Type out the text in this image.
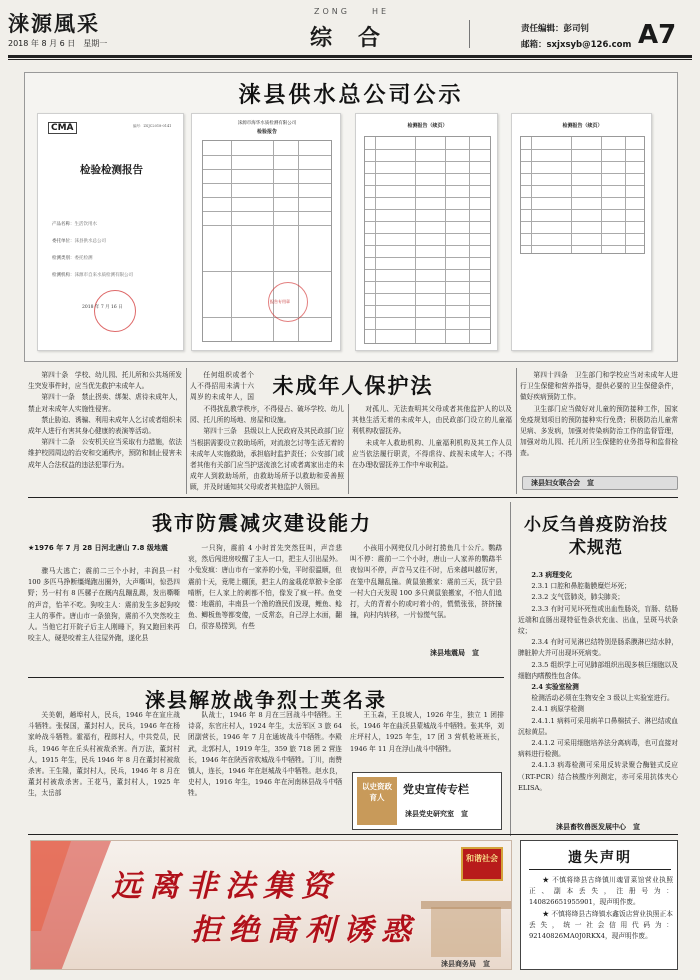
涞源風采
2018 年 8 月 6 日　星期一
ZONG　　HE
综合	责任编辑：彭司钊
邮箱：sxjxsyb@126.com A7
涞县供水总公司公示
CMA	编号：ZSJC2018-0141
检验检测报告
产品名称：生活饮用水
委托单位：涞县供水总公司
检测类别：委托检测
检测机构：涞源市自来水质检测有限公司
2018 年 7 月 16 日
涞源市海华水质检测有限公司
检验报告
报告专用章
检测报告（续页）	检测报告（续页）

第四十条　学校、幼儿园、托儿所和公共场所发生突发事件时，应当优先救护未成年人。

第四十一条　禁止拐卖、绑架、虐待未成年人，禁止对未成年人实施性侵害。

禁止胁迫、诱骗、利用未成年人乞讨或者组织未成年人进行有害其身心健康的表演等活动。

第四十二条　公安机关应当采取有力措施，依法维护校园周边的治安和交通秩序，预防和制止侵害未成年人合法权益的违法犯罪行为。

未成年人保护法

任何组织或者个人不得招用未满十六周岁的未成年人，国

不得扰乱教学秩序，不得侵占、破坏学校、幼儿园、托儿所的场地、房屋和设施。

第四十三条　县级以上人民政府及其民政部门应当根据需要设立救助场所，对流浪乞讨等生活无着的未成年人实施救助，承担临时监护责任；公安部门或者其他有关部门应当护送流浪乞讨或者离家出走的未成年人到救助场所，由救助场所予以救助和妥善照顾，并及时通知其父母或者其他监护人领回。

对孤儿、无法查明其父母或者其他监护人的以及其他生活无着的未成年人，由民政部门设立的儿童福利机构收留抚养。

未成年人救助机构、儿童福利机构及其工作人员应当依法履行职责，不得虐待、歧视未成年人；不得在办理收留抚养工作中牟取利益。

第四十四条　卫生部门和学校应当对未成年人进行卫生保健和营养指导，提供必要的卫生保健条件，做好疾病预防工作。

卫生部门应当做好对儿童的预防接种工作，国家免疫规划项目的预防接种实行免费；积极防治儿童常见病、多发病，加强对传染病防治工作的监督管理，加强对幼儿园、托儿所卫生保健的业务指导和监督检查。

涞县妇女联合会　宣
我市防震减灾建设能力
★1976 年 7 月 28 日河北唐山 7.8 级地震

骤马大逃亡；震前二三个小时，丰润县一村 100 多匹马挣断缰绳跑出圈外，大声嘶叫，惊恐四野；另一村有 8 匹骡子在厩内乱蹦乱踢，发出嘶嘶的声音，怡羊不吃。狗咬主人：震前发生多起狗咬主人的事件。唐山市一条狼狗，震前不久突然咬主人。当他它打开院子后主人刚睡下，狗又跑回来再咬主人，硬是咬着主人往屋外跑，遂化县

一只狗，震前 4 小时首先突然狂叫，声音悲哀，然后闯进房咬醒了主人一口，把主人引出屋外。小兔发疯：唐山市有一家养的小兔，平时很温顺，但震前十天，竟爬上棚顶，把主人的盆栽花草掀卡全部啃断，仨人家上的刺都不怕，像发了疯一样。鱼变傻：地震前，丰南县一个渔的渔民们发现，鲤鱼、鲶鱼、鲫板鱼等都变傻，一反常态，自己浮上水面，翻白，很容易捞到，有些

小孩用小网兜仅几小时打捞鱼几十公斤。鹦鹉叫不停：震前一二个小时，唐山一人家养的鹦鹉半夜惊叫不停，声音马又往不时，后来越叫越厉害，在笼中乱蹦乱撞。黄鼠狼搬家：震前三天，抚宁县一村大白天发现 100 多只黄鼠狼搬家，不怕人们追打，大的背着小的或叼着小的，慌慌张张，挤挤撞撞，向村内转移，一片惊慌气氛。

涞县地震局　宣
小反刍兽疫防治技术规范
2.3 病理变化
2.3.1 口腔和鼻腔黏膜糜烂坏死；
2.3.2 支气管肺炎，肺尖肺炎；
2.3.3 有时可见坏死性或出血性肠炎，盲肠、结肠近端和直肠出现特征性条状充血、出血，呈斑马状条纹；
2.3.4 有时可见淋巴结特别是肠系膜淋巴结水肿，脾脏肿大并可出现坏死病变。
2.3.5 组织学上可见肺部组织出现多核巨细胞以及细胞内嗜酸性包含体。
2.4 实验室检测
检测活动必须在生物安全 3 级以上实验室进行。
2.4.1 病原学检测
2.4.1.1 病料可采用病羊口鼻棉拭子、淋巴结或血沉棕黄层。
2.4.1.2 可采用细胞培养法分离病毒，也可直接对病料进行检测。
2.4.1.3 病毒检测可采用反转录聚合酶链式反应（RT-PCR）结合核酸序列测定，亦可采用抗体夹心 ELISA。
涞县畜牧兽医发展中心　宣
涞县解放战争烈士英名录

关美朝，趟埠村人，民兵，1946 年在宣庄战斗牺牲。张保国，董封村人，民兵，1946 年在杨家岭战斗牺牲。霍福有，程郎村人，中共党员，民兵，1946 年在丘头村被敌杀害。肖万法，董封村人，1915 年生，民兵 1946 年 8 月在董封村被敌杀害。王生隆，董封村人，民兵，1946 年 8 月在董封村被敌杀害。王花马，董封村人，1925 年生，太岳部

队战士，1946 年 8 月在三回战斗中牺牲。王诗喜，东官庄村人，1924 年生，太岳军区 3 旅 64 团副营长，1946 年 7 月在通坡战斗中牺牲。李殿武，北郭村人，1919 年生，359 旅 718 团 2 营连长，1946 年在陕西省吹城战斗中牺牲。丁川，南赞镇人，连长，1946 年在赵城战斗中牺牲。赵水良，史村人，1916 年生，1946 年在河南林县战斗中牺牲。

王玉森，王良坡人，1926 年生，独立 1 团排长，1946 年在曲沃县蒙城战斗中牺牲。张其华，刘庄坪村人，1925 年生，17 团 3 营机枪班班长，1946 年 11 月在浮山战斗中牺牲。

以史资政　育人
党史宣传专栏
涞县党史研究室　宣
和谐社会
远离非法集资
拒绝高利诱惑
涞县商务局　宣
遗失声明

★ 不慎将绛县古绛镇川魂冒菜馆营业执照正、副本丢失，注册号为：140826651955901，现声明作废。

★ 不慎将绛县古绛镇水鑫饭店营业执照正本丢失，统一社会信用代码为：92140826MA0J0RKX4，现声明作废。
